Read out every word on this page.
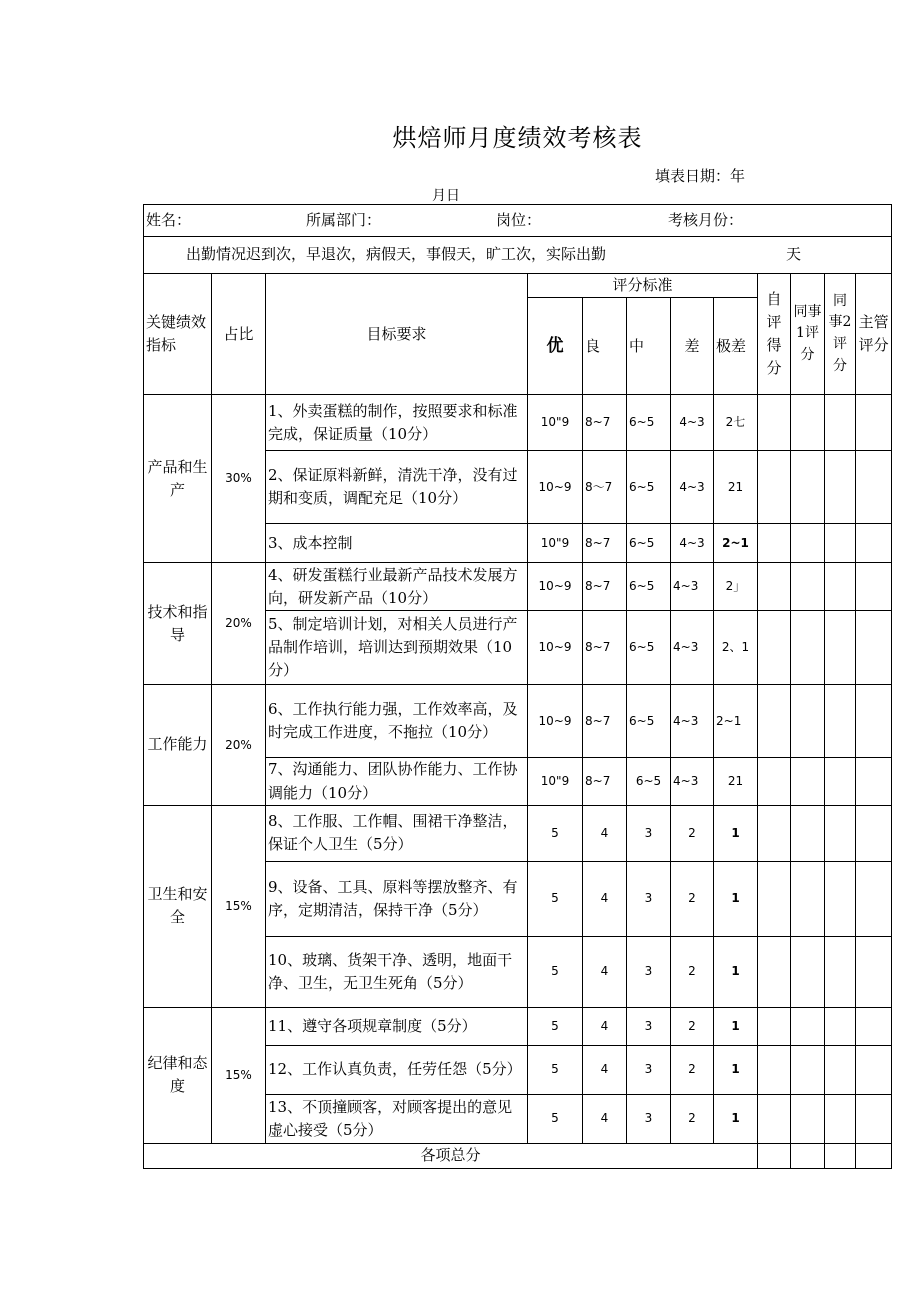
烘焙师月度绩效考核表
填表日期：年
月日
姓名： 所属部门： 岗位： 考核月份：											
出勤情况迟到次，早退次，病假天，事假天，旷工次，实际出勤 天											
关键绩效指标	占比	目标要求	评分标准					自评得分	同事1评分	同事2评分	主管评分
			优	良	中	差	极差				
产品和生产	30%	1、外卖蛋糕的制作，按照要求和标准完成，保证质量（10分）	10"9	8~7	6~5	4~3	2七				
		2、保证原料新鲜，清洗干净，没有过期和变质，调配充足（10分）	10~9	8～7	6~5	4~3	21				
		3、成本控制	10"9	8~7	6~5	4~3	2~1				
技术和指导	20%	4、研发蛋糕行业最新产品技术发展方向，研发新产品（10分）	10~9	8~7	6~5	4~3	2」				
		5、制定培训计划，对相关人员进行产品制作培训，培训达到预期效果（10分）	10~9	8~7	6~5	4~3	2、1				
工作能力	20%	6、工作执行能力强，工作效率高，及时完成工作进度，不拖拉（10分）	10~9	8~7	6~5	4~3	2~1				
		7、沟通能力、团队协作能力、工作协调能力（10分）	10"9	8~7	6~5	4~3	21				
卫生和安全	15%	8、工作服、工作帽、围裙干净整洁，保证个人卫生（5分）	5	4	3	2	1				
		9、设备、工具、原料等摆放整齐、有序，定期清洁，保持干净（5分）	5	4	3	2	1				
		10、玻璃、货架干净、透明，地面干净、卫生，无卫生死角（5分）	5	4	3	2	1				
纪律和态度	15%	11、遵守各项规章制度（5分）	5	4	3	2	1				
		12、工作认真负责，任劳任怨（5分）	5	4	3	2	1				
		13、不顶撞顾客，对顾客提出的意见虚心接受（5分）	5	4	3	2	1				
各项总分											
